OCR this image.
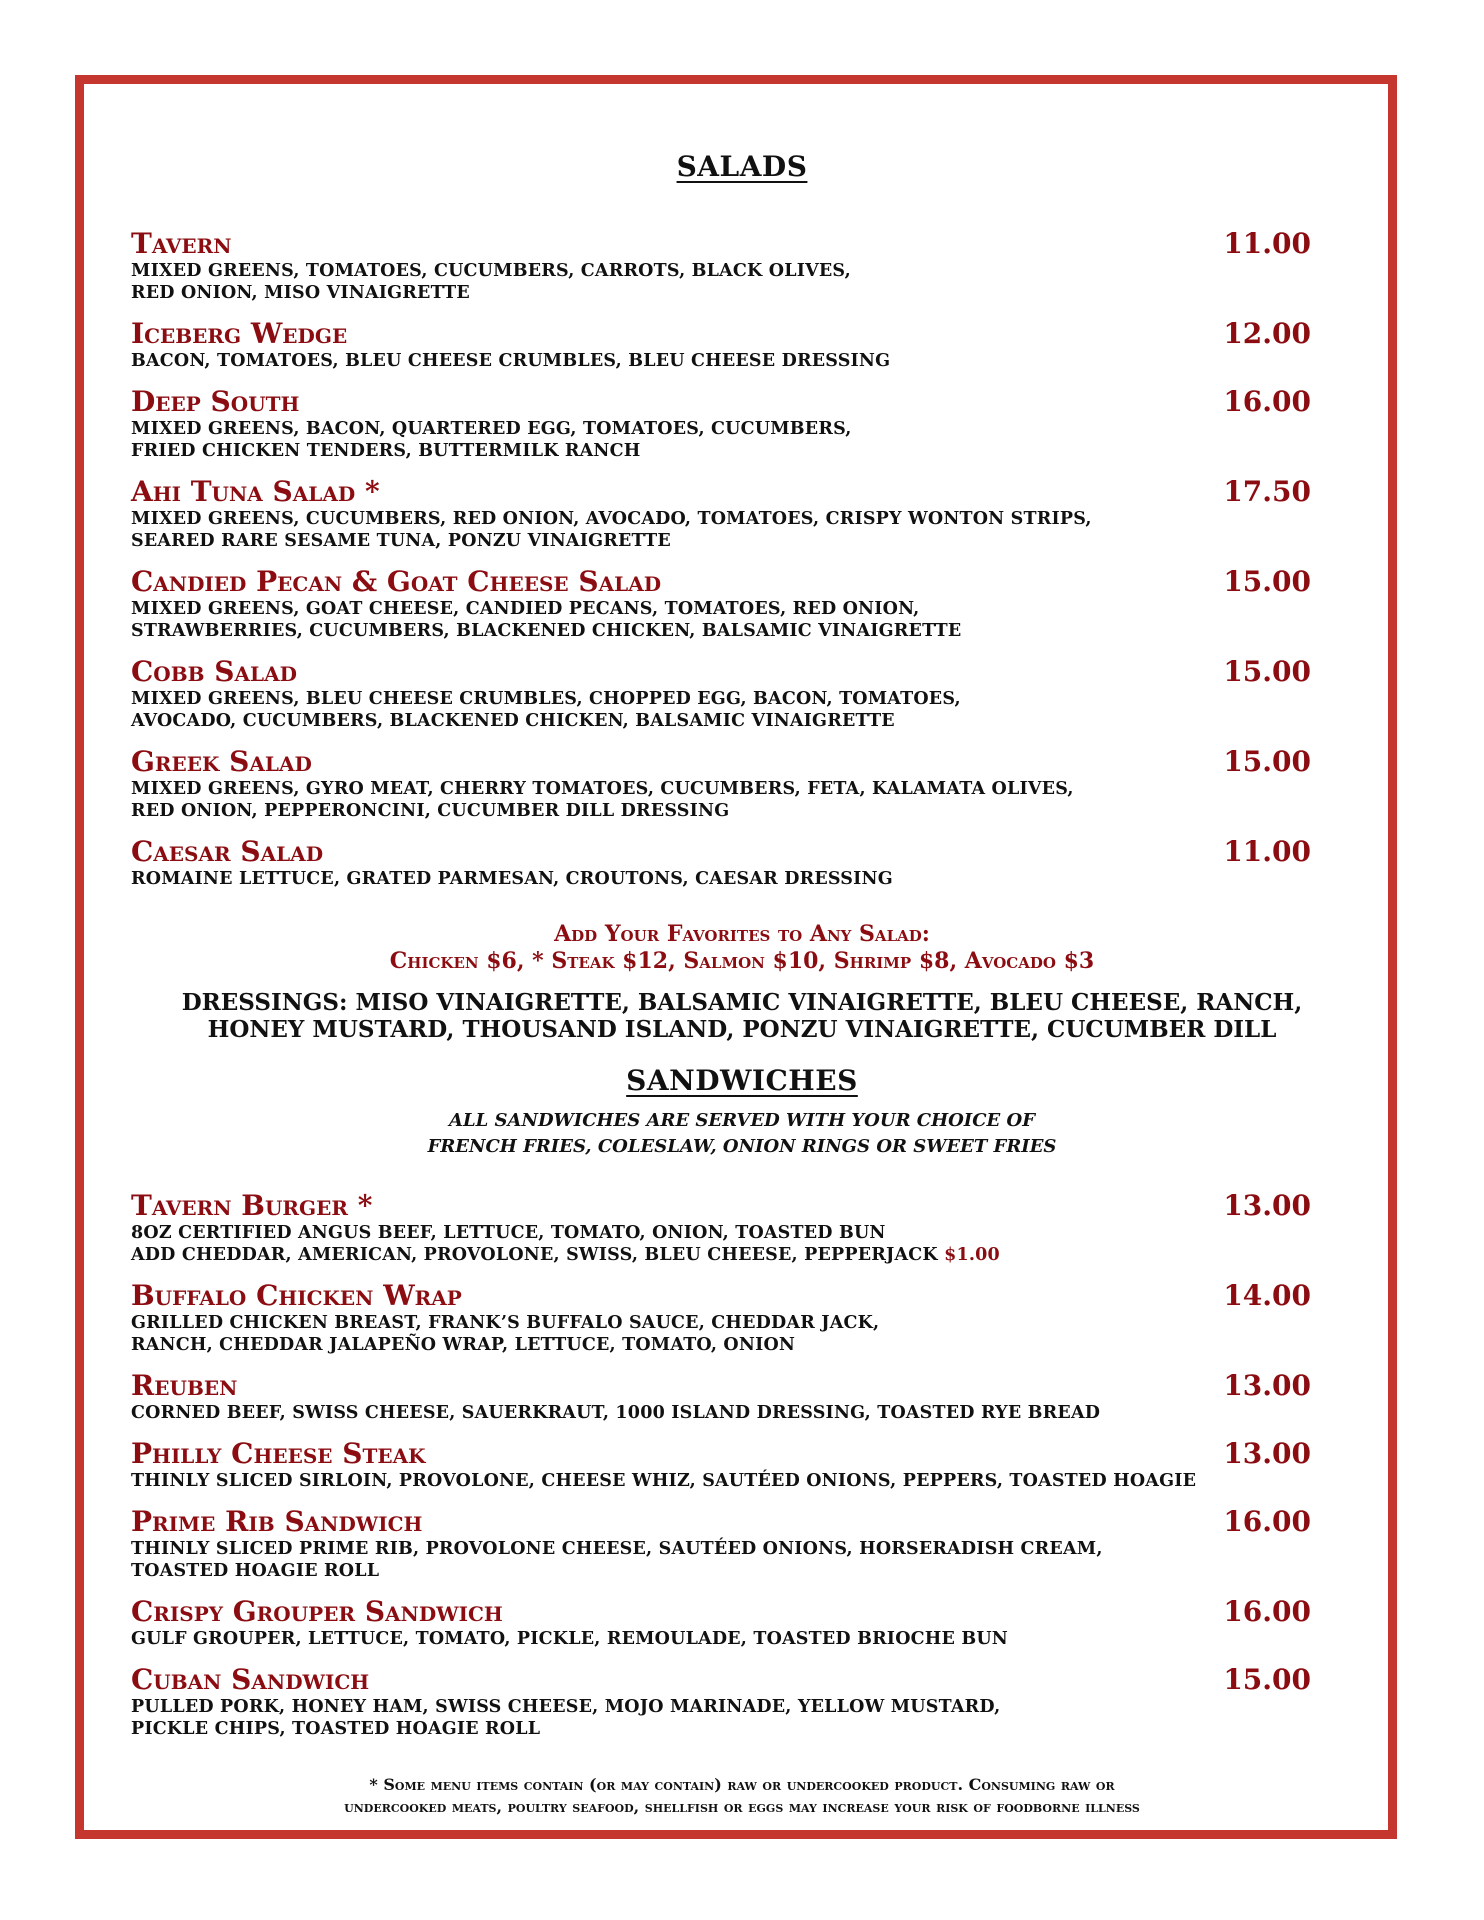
SALADS
Tavern	11.00
MIXED GREENS, TOMATOES, CUCUMBERS, CARROTS, BLACK OLIVES,
RED ONION, MISO VINAIGRETTE
Iceberg Wedge	12.00
BACON, TOMATOES, BLEU CHEESE CRUMBLES, BLEU CHEESE DRESSING
Deep South	16.00
MIXED GREENS, BACON, QUARTERED EGG, TOMATOES, CUCUMBERS,
FRIED CHICKEN TENDERS, BUTTERMILK RANCH
Ahi Tuna Salad *	17.50
MIXED GREENS, CUCUMBERS, RED ONION, AVOCADO, TOMATOES, CRISPY WONTON STRIPS,
SEARED RARE SESAME TUNA, PONZU VINAIGRETTE
Candied Pecan & Goat Cheese Salad	15.00
MIXED GREENS, GOAT CHEESE, CANDIED PECANS, TOMATOES, RED ONION,
STRAWBERRIES, CUCUMBERS, BLACKENED CHICKEN, BALSAMIC VINAIGRETTE
Cobb Salad	15.00
MIXED GREENS, BLEU CHEESE CRUMBLES, CHOPPED EGG, BACON, TOMATOES,
AVOCADO, CUCUMBERS, BLACKENED CHICKEN, BALSAMIC VINAIGRETTE
Greek Salad	15.00
MIXED GREENS, GYRO MEAT, CHERRY TOMATOES, CUCUMBERS, FETA, KALAMATA OLIVES,
RED ONION, PEPPERONCINI, CUCUMBER DILL DRESSING
Caesar Salad	11.00
ROMAINE LETTUCE, GRATED PARMESAN, CROUTONS, CAESAR DRESSING
Add Your Favorites to Any Salad:
Chicken $6, * Steak $12, Salmon $10, Shrimp $8, Avocado $3
DRESSINGS: MISO VINAIGRETTE, BALSAMIC VINAIGRETTE, BLEU CHEESE, RANCH,
HONEY MUSTARD, THOUSAND ISLAND, PONZU VINAIGRETTE, CUCUMBER DILL
SANDWICHES
ALL SANDWICHES ARE SERVED WITH YOUR CHOICE OF
FRENCH FRIES, COLESLAW, ONION RINGS OR SWEET FRIES
Tavern Burger *	13.00
8OZ CERTIFIED ANGUS BEEF, LETTUCE, TOMATO, ONION, TOASTED BUN
ADD CHEDDAR, AMERICAN, PROVOLONE, SWISS, BLEU CHEESE, PEPPERJACK $1.00
Buffalo Chicken Wrap	14.00
GRILLED CHICKEN BREAST, FRANK’S BUFFALO SAUCE, CHEDDAR JACK,
RANCH, CHEDDAR JALAPEÑO WRAP, LETTUCE, TOMATO, ONION
Reuben	13.00
CORNED BEEF, SWISS CHEESE, SAUERKRAUT, 1000 ISLAND DRESSING, TOASTED RYE BREAD
Philly Cheese Steak	13.00
THINLY SLICED SIRLOIN, PROVOLONE, CHEESE WHIZ, SAUTÉED ONIONS, PEPPERS, TOASTED HOAGIE
Prime Rib Sandwich	16.00
THINLY SLICED PRIME RIB, PROVOLONE CHEESE, SAUTÉED ONIONS, HORSERADISH CREAM,
TOASTED HOAGIE ROLL
Crispy Grouper Sandwich	16.00
GULF GROUPER, LETTUCE, TOMATO, PICKLE, REMOULADE, TOASTED BRIOCHE BUN
Cuban Sandwich	15.00
PULLED PORK, HONEY HAM, SWISS CHEESE, MOJO MARINADE, YELLOW MUSTARD,
PICKLE CHIPS, TOASTED HOAGIE ROLL
* Some menu items contain (or may contain) raw or undercooked product. Consuming raw or
undercooked meats, poultry seafood, shellfish or eggs may increase your risk of foodborne illness
